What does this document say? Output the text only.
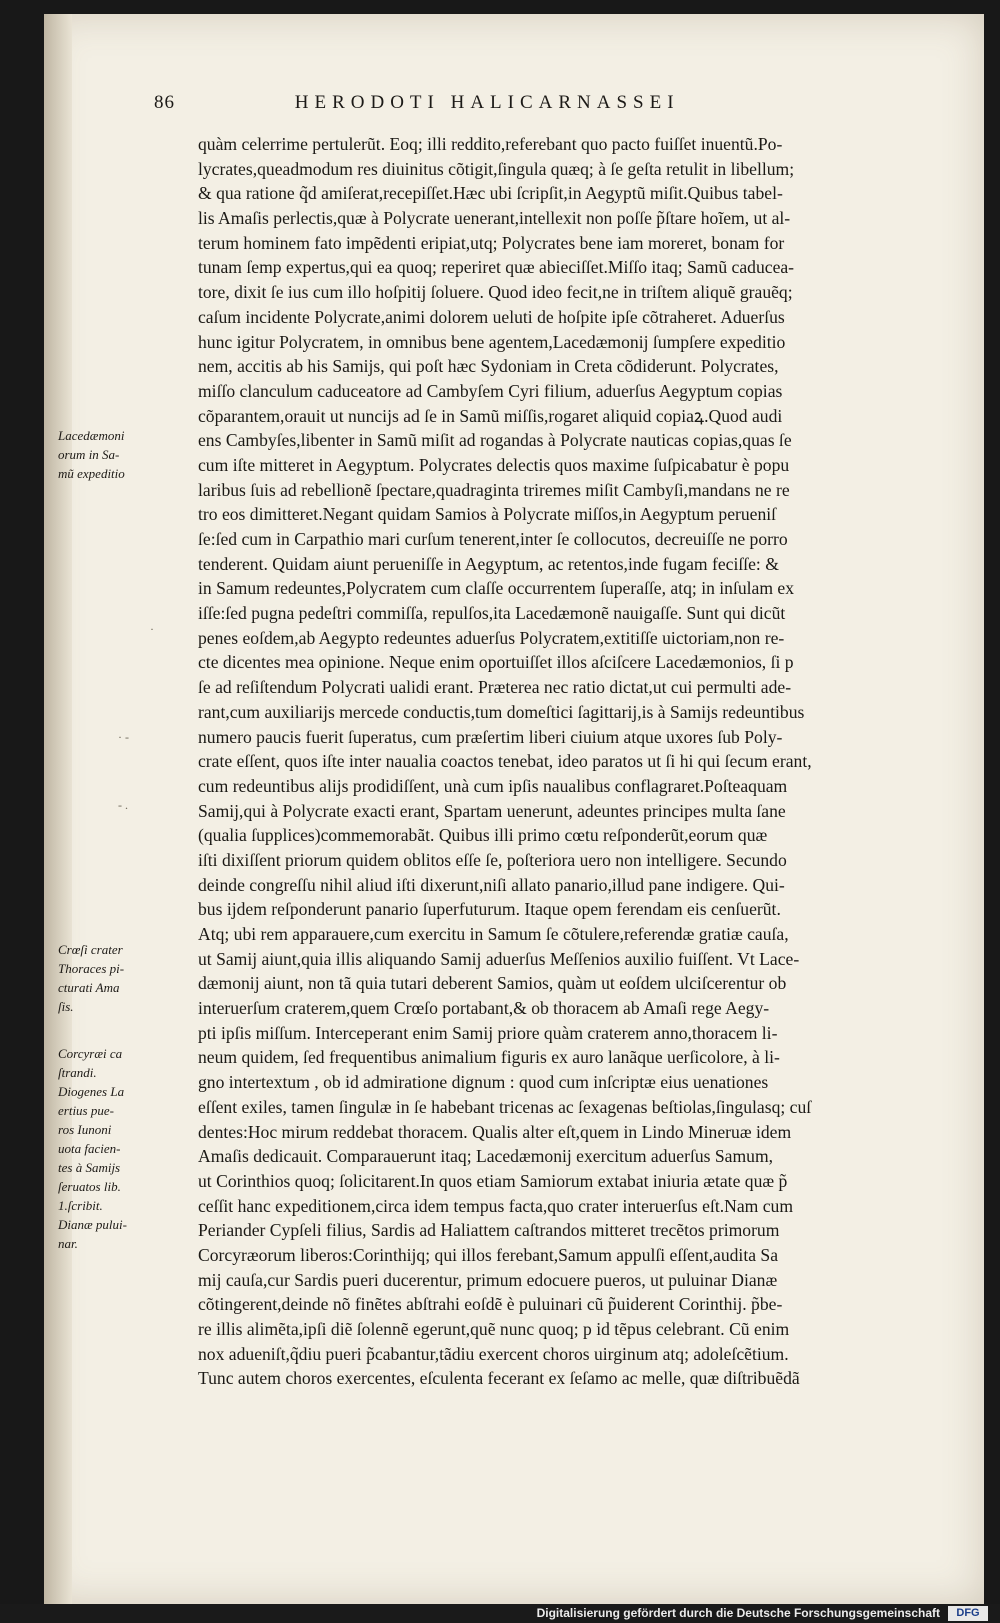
86	HERODOTI HALICARNASSEI
quàm celerrime pertulerũt. Eoq; illi reddito,referebant quo pacto fuiſſet inuentũ.Po-
lycrates,queadmodum res diuinitus cõtigit,ſingula quæq; à ſe geſta retulit in libellum;
& qua ratione q̃d amiſerat,recepiſſet.Hæc ubi ſcripſit,in Aegyptũ miſit.Quibus tabel-
lis Amaſis perlectis,quæ à Polycrate uenerant,intellexit non poſſe p̃ſtare hoĩem, ut al-
terum hominem fato impẽdenti eripiat,utq; Polycrates bene iam moreret, bonam for
tunam ſemp expertus,qui ea quoq; reperiret quæ abieciſſet.Miſſo itaq; Samũ caducea-
tore, dixit ſe ius cum illo hoſpitij ſoluere. Quod ideo fecit,ne in triſtem aliquẽ grauẽq;
caſum incidente Polycrate,animi dolorem ueluti de hoſpite ipſe cõtraheret. Aduerſus
hunc igitur Polycratem, in omnibus bene agentem,Lacedæmonij ſumpſere expeditio
nem, accitis ab his Samijs, qui poſt hæc Sydoniam in Creta cõdiderunt. Polycrates,
miſſo clanculum caduceatore ad Cambyſem Cyri filium, aduerſus Aegyptum copias
cõparantem,orauit ut nuncijs ad ſe in Samũ miſſis,rogaret aliquid copiaꝝ.Quod audi
ens Cambyſes,libenter in Samũ miſit ad rogandas à Polycrate nauticas copias,quas ſe
cum iſte mitteret in Aegyptum. Polycrates delectis quos maxime ſuſpicabatur è popu
laribus ſuis ad rebellionẽ ſpectare,quadraginta triremes miſit Cambyſi,mandans ne re
tro eos dimitteret.Negant quidam Samios à Polycrate miſſos,in Aegyptum perueniſ
ſe:ſed cum in Carpathio mari curſum tenerent,inter ſe collocutos, decreuiſſe ne porro
tenderent. Quidam aiunt perueniſſe in Aegyptum, ac retentos,inde fugam feciſſe: &
in Samum redeuntes,Polycratem cum claſſe occurrentem ſuperaſſe, atq; in inſulam ex
iſſe:ſed pugna pedeſtri commiſſa, repulſos,ita Lacedæmonẽ nauigaſſe. Sunt qui dicũt
penes eoſdem,ab Aegypto redeuntes aduerſus Polycratem,extitiſſe uictoriam,non re-
cte dicentes mea opinione. Neque enim oportuiſſet illos aſciſcere Lacedæmonios, ſi p
ſe ad reſiſtendum Polycrati ualidi erant. Præterea nec ratio dictat,ut cui permulti ade-
rant,cum auxiliarijs mercede conductis,tum domeſtici ſagittarij,is à Samijs redeuntibus
numero paucis fuerit ſuperatus, cum præſertim liberi ciuium atque uxores ſub Poly-
crate eſſent, quos iſte inter naualia coactos tenebat, ideo paratos ut ſi hi qui ſecum erant,
cum redeuntibus alijs prodidiſſent, unà cum ipſis naualibus conflagraret.Poſteaquam
Samij,qui à Polycrate exacti erant, Spartam uenerunt, adeuntes principes multa ſane
(qualia ſupplices)commemorabãt. Quibus illi primo cœtu reſponderũt,eorum quæ
iſti dixiſſent priorum quidem oblitos eſſe ſe, poſteriora uero non intelligere. Secundo
deinde congreſſu nihil aliud iſti dixerunt,niſi allato panario,illud pane indigere. Qui-
bus ijdem reſponderunt panario ſuperfuturum. Itaque opem ferendam eis cenſuerũt.
Atq; ubi rem apparauere,cum exercitu in Samum ſe cõtulere,referendæ gratiæ cauſa,
ut Samij aiunt,quia illis aliquando Samij aduerſus Meſſenios auxilio fuiſſent. Vt Lace-
dæmonij aiunt, non tã quia tutari deberent Samios, quàm ut eoſdem ulciſcerentur ob
interuerſum craterem,quem Crœſo portabant,& ob thoracem ab Amaſi rege Aegy-
pti ipſis miſſum. Interceperant enim Samij priore quàm craterem anno,thoracem li-
neum quidem, ſed frequentibus animalium figuris ex auro lanãque uerſicolore, à li-
gno intertextum , ob id admiratione dignum : quod cum inſcriptæ eius uenationes
eſſent exiles, tamen ſingulæ in ſe habebant tricenas ac ſexagenas beſtiolas,ſingulasq; cuſ
dentes:Hoc mirum reddebat thoracem. Qualis alter eſt,quem in Lindo Mineruæ idem
Amaſis dedicauit. Comparauerunt itaq; Lacedæmonij exercitum aduerſus Samum,
ut Corinthios quoq; ſolicitarent.In quos etiam Samiorum extabat iniuria ætate quæ p̃
ceſſit hanc expeditionem,circa idem tempus facta,quo crater interuerſus eſt.Nam cum
Periander Cypſeli filius, Sardis ad Haliattem caſtrandos mitteret trecẽtos primorum
Corcyræorum liberos:Corinthijq; qui illos ferebant,Samum appulſi eſſent,audita Sa
mij cauſa,cur Sardis pueri ducerentur, primum edocuere pueros, ut puluinar Dianæ
cõtingerent,deinde nõ finẽtes abſtrahi eoſdẽ è puluinari cũ p̃uiderent Corinthij. p̃be-
re illis alimẽta,ipſi diẽ ſolennẽ egerunt,quẽ nunc quoq; p id tẽpus celebrant. Cũ enim
nox adueniſt,q̃diu pueri p̃cabantur,tãdiu exercent choros uirginum atq; adoleſcẽtium.
Tunc autem choros exercentes, eſculenta fecerant ex ſeſamo ac melle, quæ diſtribuẽdã
Lacedæmoni
orum in Sa-
mũ expeditio
Crœſi crater
Thoraces pi-
cturati Ama
ſis.
Corcyræi ca
ſtrandi.
Diogenes La
ertius pue-
ros Iunoni
uota facien-
tes à Samijs
ſeruatos lib.
1.ſcribit.
Dianæ pului-
nar.
·
· -
- .
Digitalisierung gefördert durch die Deutsche Forschungsgemeinschaft	DFG
